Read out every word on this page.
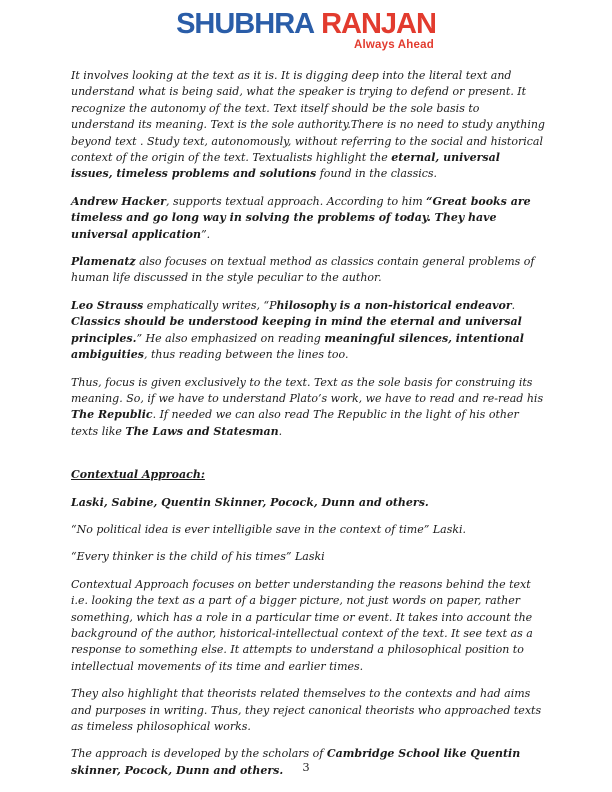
SHUBHRA RANJAN
Always Ahead

It involves looking at the text as it is. It is digging deep into the literal text and understand what is being said, what the speaker is trying to defend or present. It recognize the autonomy of the text. Text itself should be the sole basis to understand its meaning. Text is the sole authority.There is no need to study anything beyond text . Study text, autonomously, without referring to the social and historical context of the origin of the text. Textualists highlight the eternal, universal issues, timeless problems and solutions found in the classics.

Andrew Hacker, supports textual approach. According to him “Great books are timeless and go long way in solving the problems of today. They have universal application”.

Plamenatz also focuses on textual method as classics contain general problems of human life discussed in the style peculiar to the author.

Leo Strauss emphatically writes, “Philosophy is a non-historical endeavor. Classics should be understood keeping in mind the eternal and universal principles.” He also emphasized on reading meaningful silences, intentional ambiguities, thus reading between the lines too.

Thus, focus is given exclusively to the text. Text as the sole basis for construing its meaning. So, if we have to understand Plato’s work, we have to read and re-read his The Republic. If needed we can also read The Republic in the light of his other texts like The Laws and Statesman.

Contextual Approach:

Laski, Sabine, Quentin Skinner, Pocock, Dunn and others.

“No political idea is ever intelligible save in the context of time” Laski.

“Every thinker is the child of his times” Laski

Contextual Approach focuses on better understanding the reasons behind the text i.e. looking the text as a part of a bigger picture, not just words on paper, rather something, which has a role in a particular time or event. It takes into account the background of the author, historical-intellectual context of the text. It see text as a response to something else. It attempts to understand a philosophical position to intellectual movements of its time and earlier times.

They also highlight that theorists related themselves to the contexts and had aims and purposes in writing. Thus, they reject canonical theorists who approached texts as timeless philosophical works.

The approach is developed by the scholars of Cambridge School like Quentin skinner, Pocock, Dunn and others.	3
